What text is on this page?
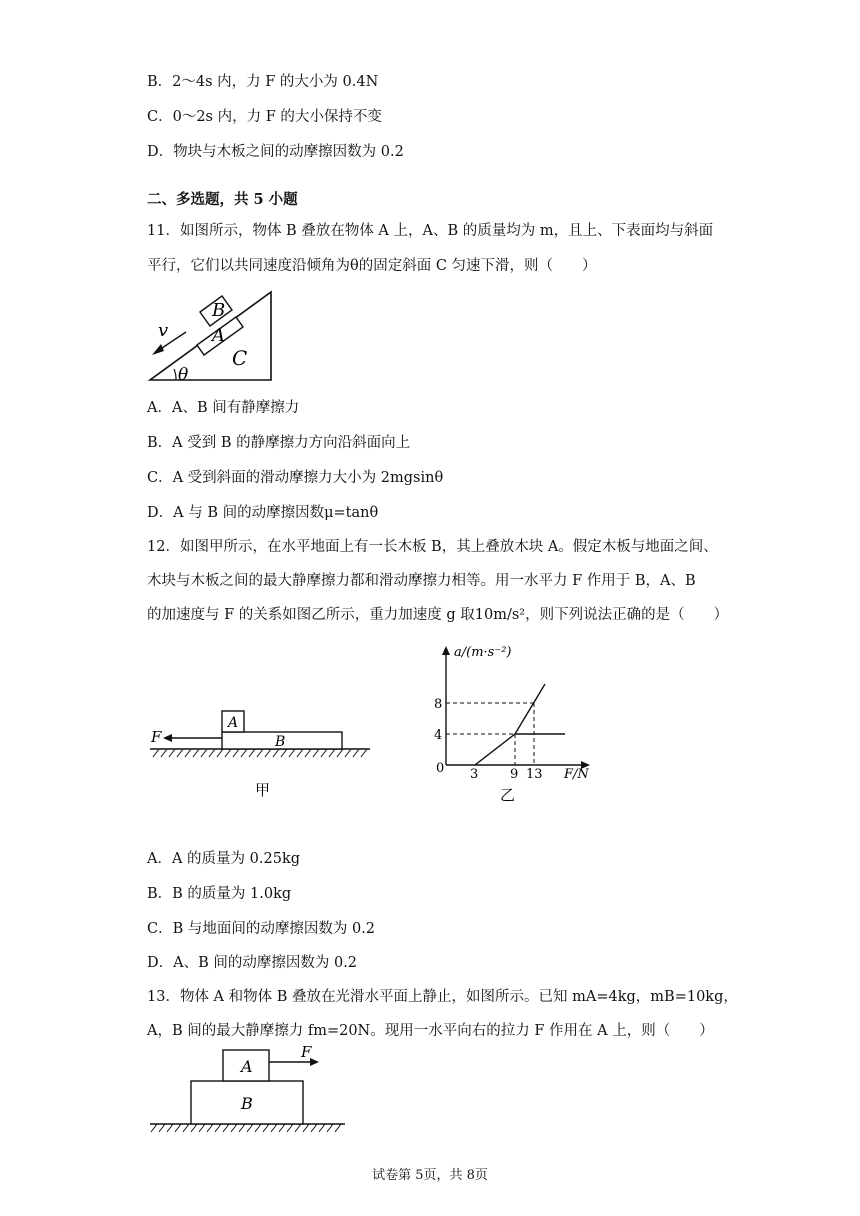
B．2～4s 内，力 F 的大小为 0.4N
C．0～2s 内，力 F 的大小保持不变
D．物块与木板之间的动摩擦因数为 0.2
二、多选题，共 5 小题
11．如图所示，物体 B 叠放在物体 A 上，A、B 的质量均为 m，且上、下表面均与斜面
平行，它们以共同速度沿倾角为θ的固定斜面 C 匀速下滑，则（　　）
B
A
C
v
θ
A．A、B 间有静摩擦力
B．A 受到 B 的静摩擦力方向沿斜面向上
C．A 受到斜面的滑动摩擦力大小为 2mgsinθ
D．A 与 B 间的动摩擦因数μ=tanθ
12．如图甲所示，在水平地面上有一长木板 B，其上叠放木块 A。假定木板与地面之间、
木块与木板之间的最大静摩擦力都和滑动摩擦力相等。用一水平力 F 作用于 B，A、B
的加速度与 F 的关系如图乙所示，重力加速度 g 取10m/s²，则下列说法正确的是（　　）
F
A
B
甲
a/(m·s⁻²)
F/N
0 3 9 13
4
8
乙
A．A 的质量为 0.25kg
B．B 的质量为 1.0kg
C．B 与地面间的动摩擦因数为 0.2
D．A、B 间的动摩擦因数为 0.2
13．物体 A 和物体 B 叠放在光滑水平面上静止，如图所示。已知 mA=4kg，mB=10kg，
A，B 间的最大静摩擦力 fm=20N。现用一水平向右的拉力 F 作用在 A 上，则（　　）
A
B
F
试卷第 5页，共 8页
